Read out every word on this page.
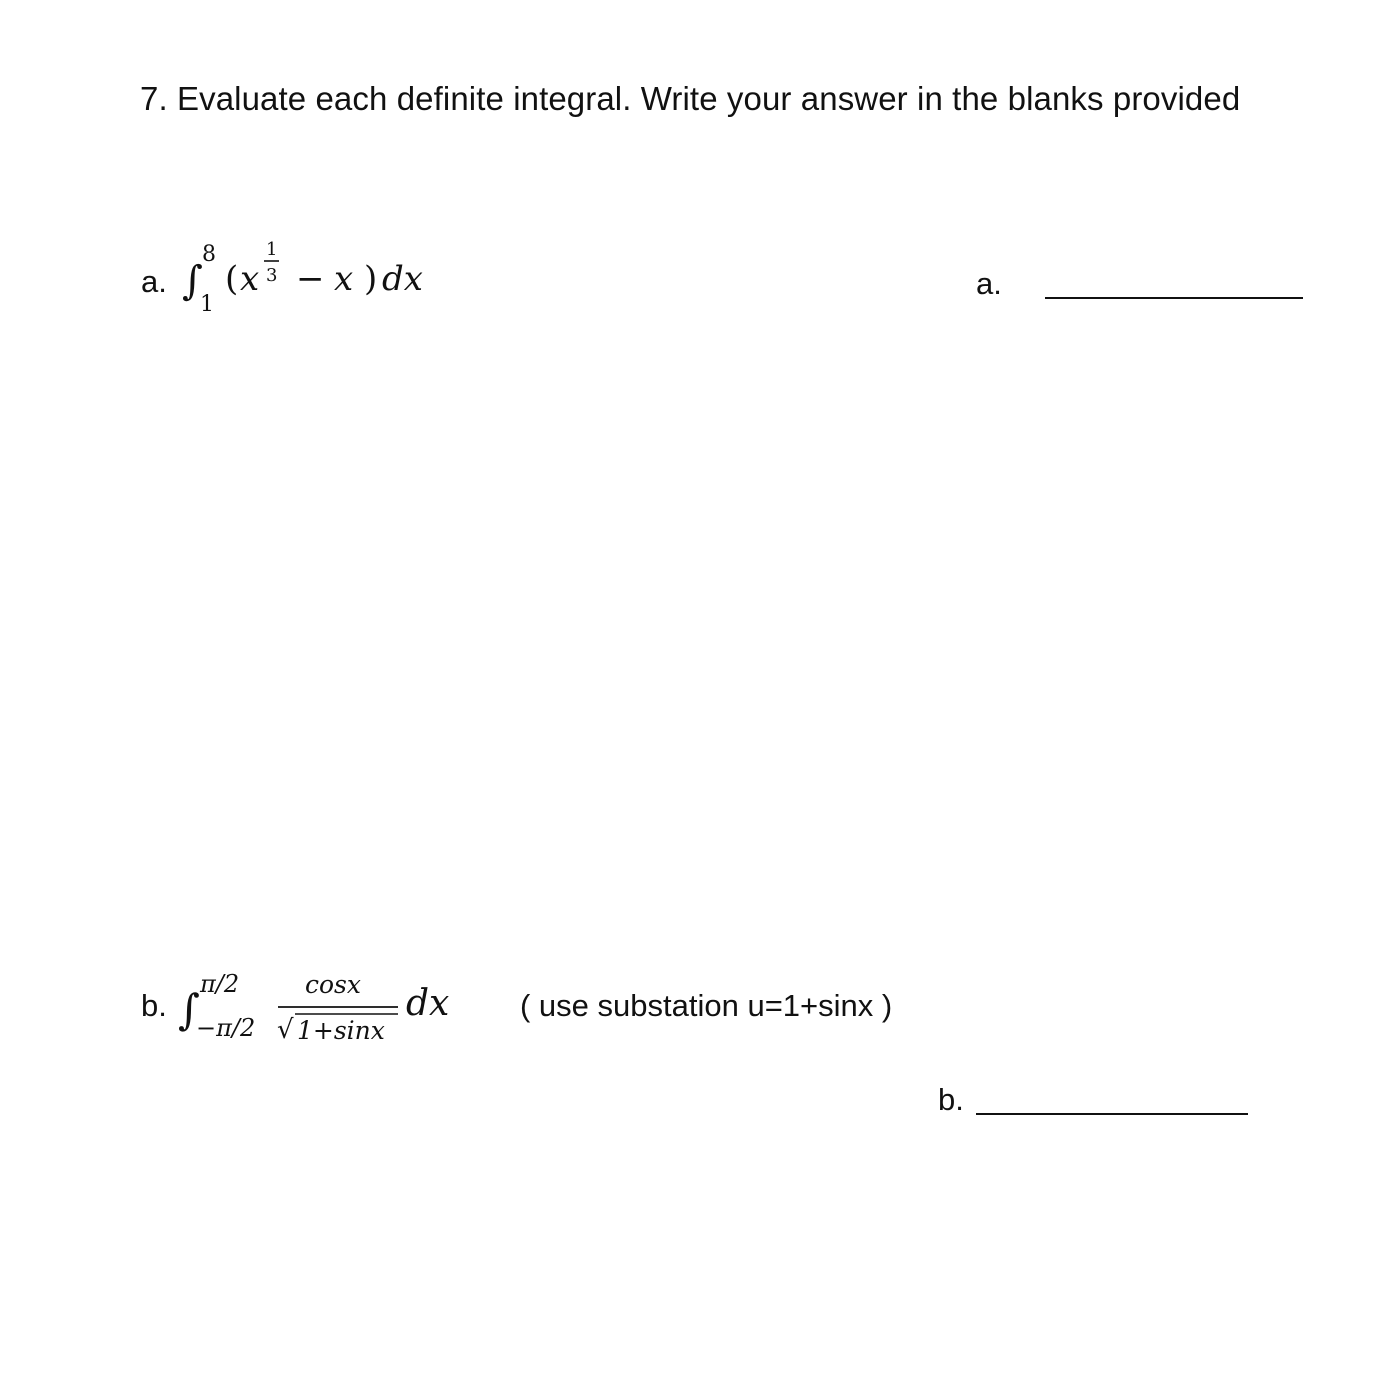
7. Evaluate each definite integral. Write your answer in the blanks provided
a. ∫
8
1
( x
1
3 − x ) dx	a.
b. ∫
π/2
−π/2
cosx
√ 1+sinx
dx ( use substation u=1+sinx )
b.
